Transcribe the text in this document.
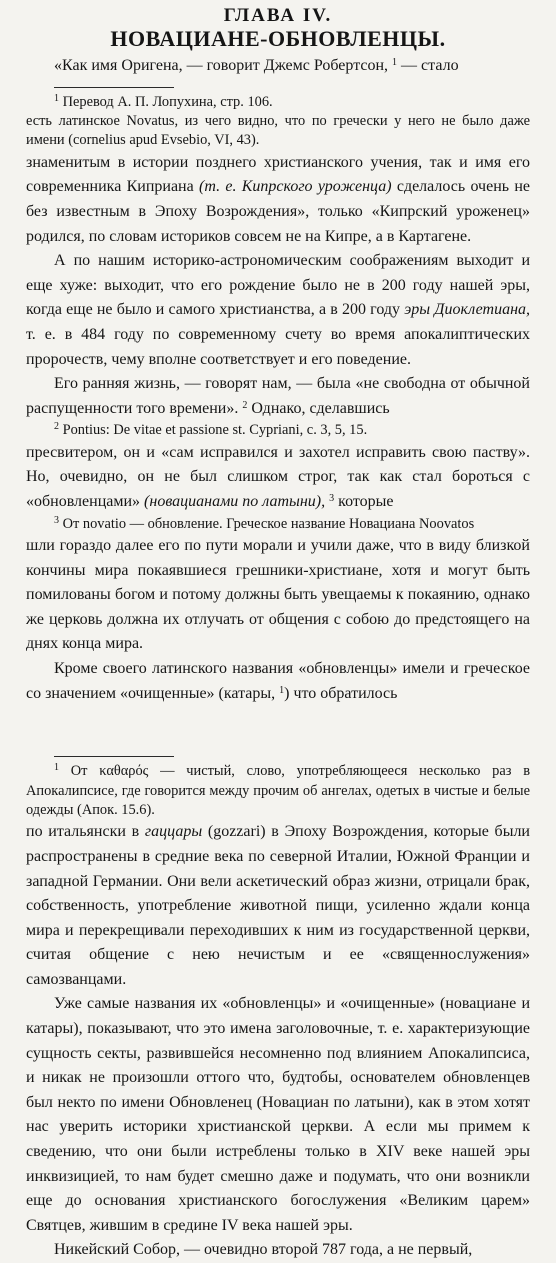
ГЛАВА IV.
НОВАЦИАНЕ-ОБНОВЛЕНЦЫ.

«Как имя Оригена, — говорит Джемс Робертсон, $^1$ — стало

$^1$ Перевод А. П. Лопухина, стр. 106.

есть латинское Novatus, из чего видно, что по гречески у него не было даже имени (cornelius apud Evsebio, VI, 43).

знаменитым в истории позднего христианского учения, так и имя его современника Киприана (т. е. Кипрского уроженца) сделалось очень не без известным в Эпоху Возрождения», только «Кипрский уроженец» родился, по словам историков совсем не на Кипре, а в Картагене.

А по нашим историко-астрономическим соображениям выходит и еще хуже: выходит, что его рождение было не в 200 году нашей эры, когда еще не было и самого христианства, а в 200 году эры Диоклетиана, т. е. в 484 году по современному счету во время апокалиптических пророчеств, чему вполне соответствует и его поведение.

Его ранняя жизнь, — говорят нам, — была «не свободна от обычной распущенности того времени». $^2$ Однако, сделавшись

$^2$ Pontius: De vitae et passione st. Cypriani, c. 3, 5, 15.

пресвитером, он и «сам исправился и захотел исправить свою паству». Но, очевидно, он не был слишком строг, так как стал бороться с «обновленцами» (новацианами по латыни), $^3$ которые

$^3$ От novatio — обновление. Греческое название Новациана Noovatos

шли гораздо далее его по пути морали и учили даже, что в виду близкой кончины мира покаявшиеся грешники-христиане, хотя и могут быть помилованы богом и потому должны быть увещаемы к покаянию, однако же церковь должна их отлучать от общения с собою до предстоящего на днях конца мира.

Кроме своего латинского названия «обновленцы» имели и греческое со значением «очищенные» (катары, $^1$) что обратилось

$^1$ От καθαρός — чистый, слово, употребляющееся несколько раз в Апокалипсисе, где говорится между прочим об ангелах, одетых в чистые и белые одежды (Апок. 15.6).

по итальянски в гаццары (gozzari) в Эпоху Возрождения, которые были распространены в средние века по северной Италии, Южной Франции и западной Германии. Они вели аскетический образ жизни, отрицали брак, собственность, употребление животной пищи, усиленно ждали конца мира и перекрещивали переходивших к ним из государственной церкви, считая общение с нею нечистым и ее «священнослужения» самозванцами.

Уже самые названия их «обновленцы» и «очищенные» (новациане и катары), показывают, что это имена заголовочные, т. е. характеризующие сущность секты, развившейся несомненно под влиянием Апокалипсиса, и никак не произошли оттого что, будтобы, основателем обновленцев был некто по имени Обновленец (Новациан по латыни), как в этом хотят нас уверить историки христианской церкви. А если мы примем к сведению, что они были истреблены только в XIV веке нашей эры инквизицией, то нам будет смешно даже и подумать, что они возникли еще до основания христианского богослужения «Великим царем» Святцев, жившим в средине IV века нашей эры.

Никейский Собор, — очевидно второй 787 года, а не первый,
